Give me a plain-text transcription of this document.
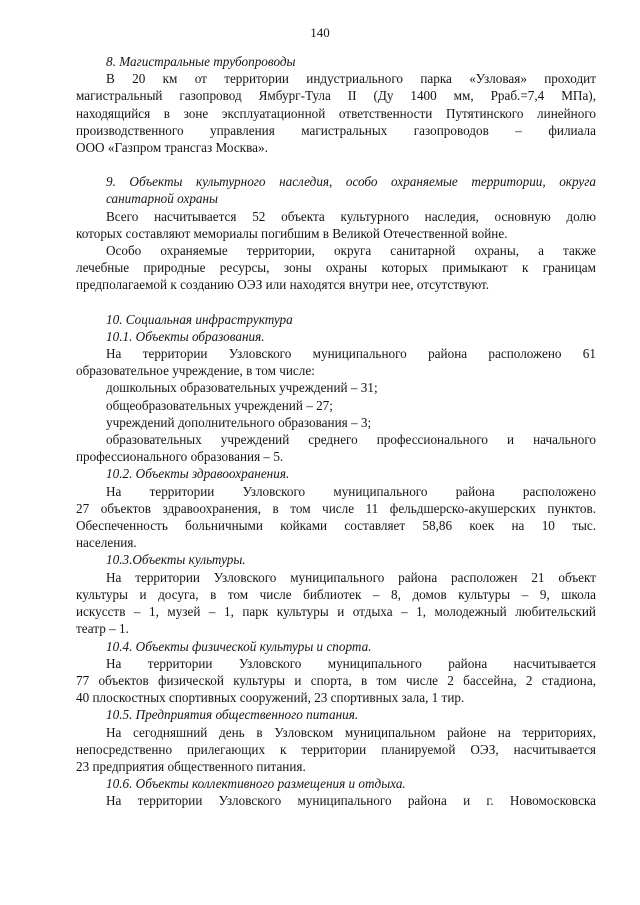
140

8. Магистральные трубопроводы

В 20 км от территории индустриального парка «Узловая» проходит

магистральный газопровод Ямбург-Тула II (Ду 1400 мм, Рраб.=7,4 МПа),

находящийся в зоне эксплуатационной ответственности Путятинского линейного

производственного управления магистральных газопроводов – филиала

ООО «Газпром трансгаз Москва».

9. Объекты культурного наследия, особо охраняемые территории, округа

санитарной охраны

Всего насчитывается 52 объекта культурного наследия, основную долю

которых составляют мемориалы погибшим в Великой Отечественной войне.

Особо охраняемые территории, округа санитарной охраны, а также

лечебные природные ресурсы, зоны охраны которых примыкают к границам

предполагаемой к созданию ОЭЗ или находятся внутри нее, отсутствуют.

10. Социальная инфраструктура

10.1. Объекты образования.

На территории Узловского муниципального района расположено 61

образовательное учреждение, в том числе:

дошкольных образовательных учреждений – 31;

общеобразовательных учреждений – 27;

учреждений дополнительного образования – 3;

образовательных учреждений среднего профессионального и начального

профессионального образования – 5.

10.2. Объекты здравоохранения.

На территории Узловского муниципального района расположено

27 объектов здравоохранения, в том числе 11 фельдшерско-акушерских пунктов.

Обеспеченность больничными койками составляет 58,86 коек на 10 тыс.

населения.

10.3.Объекты культуры.

На территории Узловского муниципального района расположен 21 объект

культуры и досуга, в том числе библиотек – 8, домов культуры – 9, школа

искусств – 1, музей – 1, парк культуры и отдыха – 1, молодежный любительский

театр – 1.

10.4. Объекты физической культуры и спорта.

На территории Узловского муниципального района насчитывается

77 объектов физической культуры и спорта, в том числе 2 бассейна, 2 стадиона,

40 плоскостных спортивных сооружений, 23 спортивных зала, 1 тир.

10.5. Предприятия общественного питания.

На сегодняшний день в Узловском муниципальном районе на территориях,

непосредственно прилегающих к территории планируемой ОЭЗ, насчитывается

23 предприятия общественного питания.

10.6. Объекты коллективного размещения и отдыха.

На территории Узловского муниципального района и г. Новомосковска
